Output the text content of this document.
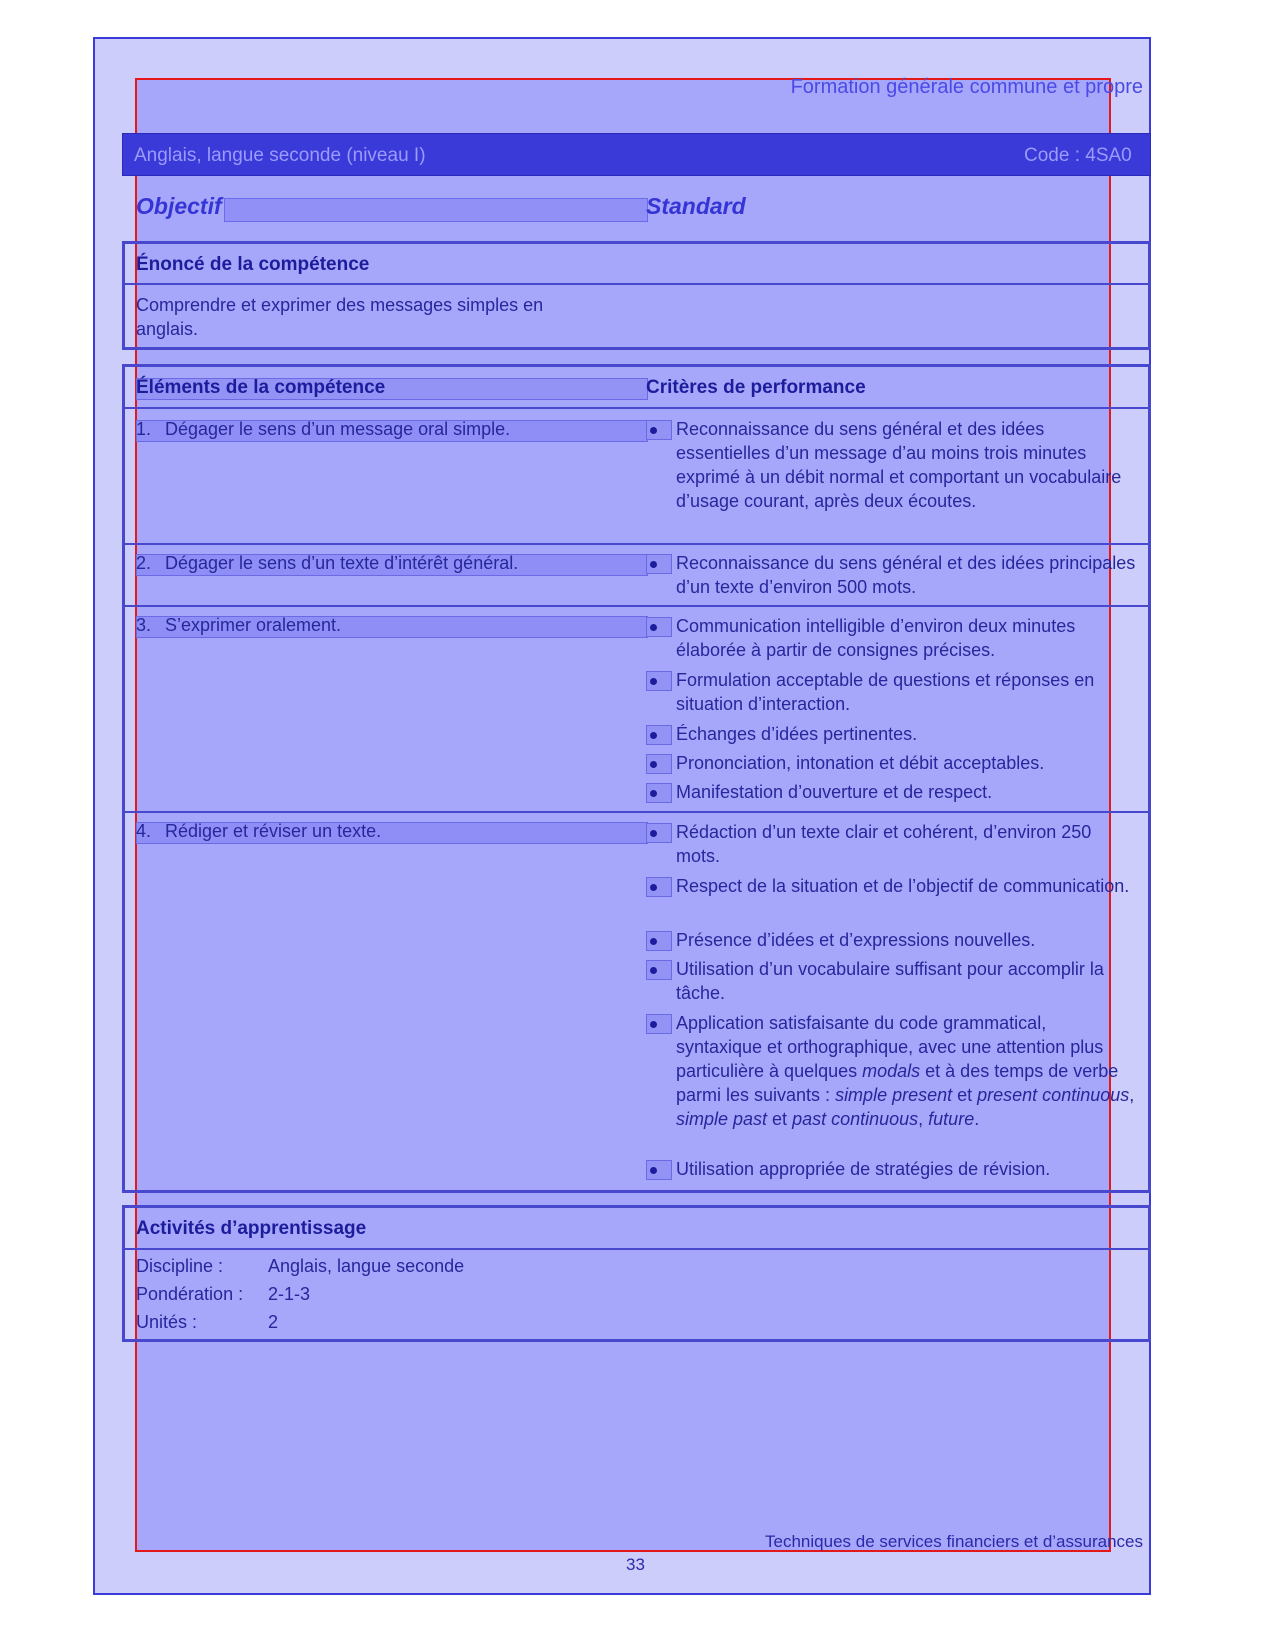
Formation générale commune et propre
Anglais, langue seconde (niveau I)	Code : 4SA0
Objectif	Standard
Énoncé de la compétence
Comprendre et exprimer des messages simples en
anglais.
Éléments de la compétence	Critères de performance
1. Dégager le sens d’un message oral simple.	Reconnaissance du sens général et des idées essentielles d’un message d’au moins trois minutes exprimé à un débit normal et comportant un vocabulaire d’usage courant, après deux écoutes.
2. Dégager le sens d’un texte d’intérêt général.	Reconnaissance du sens général et des idées principales d’un texte d’environ 500 mots.
3. S’exprimer oralement.	Communication intelligible d’environ deux minutes élaborée à partir de consignes précises.
Formulation acceptable de questions et réponses en situation d’interaction.
Échanges d’idées pertinentes.
Prononciation, intonation et débit acceptables.
Manifestation d’ouverture et de respect.
4. Rédiger et réviser un texte.	Rédaction d’un texte clair et cohérent, d’environ 250 mots.
Respect de la situation et de l’objectif de communication.
Présence d’idées et d’expressions nouvelles.
Utilisation d’un vocabulaire suffisant pour accomplir la tâche.
Application satisfaisante du code grammatical, syntaxique et orthographique, avec une attention plus particulière à quelques modals et à des temps de verbe parmi les suivants : simple present et present continuous, simple past et past continuous, future.
Utilisation appropriée de stratégies de révision.
Activités d’apprentissage
Discipline : Anglais, langue seconde
Pondération : 2-1-3
Unités :	2
Techniques de services financiers et d’assurances
33
